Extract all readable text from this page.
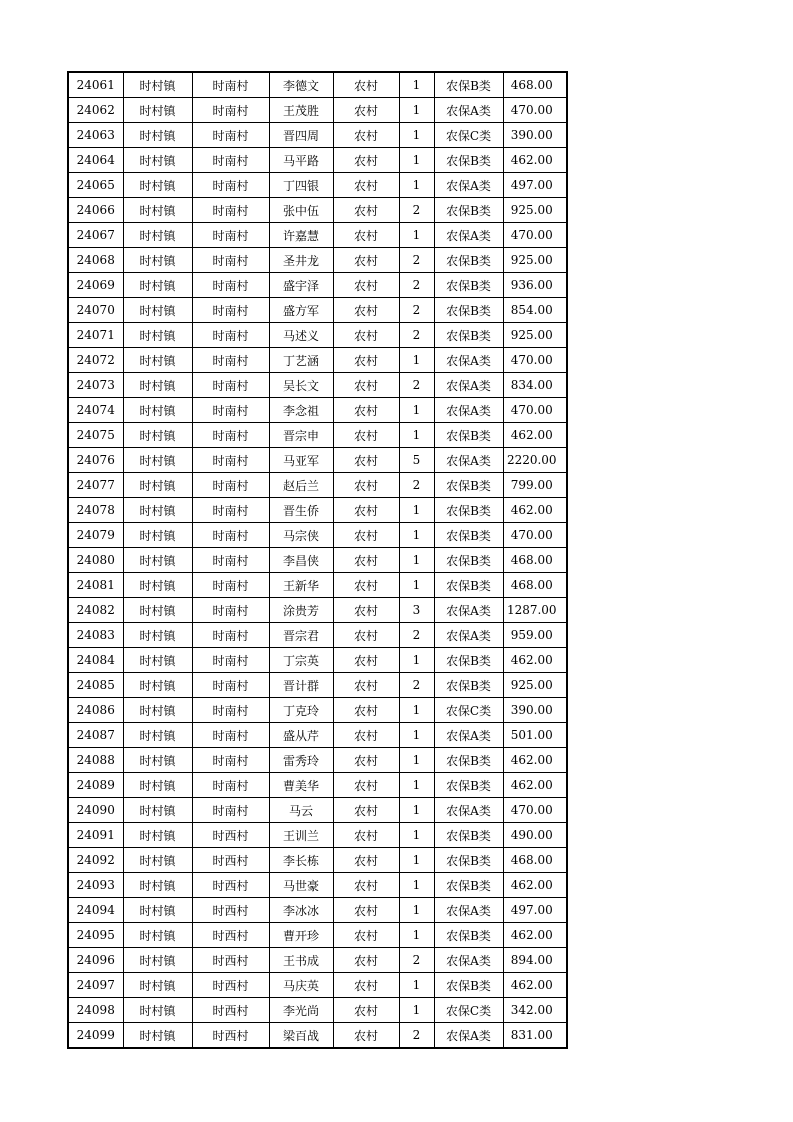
24061	时村镇	时南村	李德文	农村	1	农保B类	468.00
24062	时村镇	时南村	王茂胜	农村	1	农保A类	470.00
24063	时村镇	时南村	晋四周	农村	1	农保C类	390.00
24064	时村镇	时南村	马平路	农村	1	农保B类	462.00
24065	时村镇	时南村	丁四银	农村	1	农保A类	497.00
24066	时村镇	时南村	张中伍	农村	2	农保B类	925.00
24067	时村镇	时南村	许嘉慧	农村	1	农保A类	470.00
24068	时村镇	时南村	圣井龙	农村	2	农保B类	925.00
24069	时村镇	时南村	盛宇泽	农村	2	农保B类	936.00
24070	时村镇	时南村	盛方军	农村	2	农保B类	854.00
24071	时村镇	时南村	马述义	农村	2	农保B类	925.00
24072	时村镇	时南村	丁艺涵	农村	1	农保A类	470.00
24073	时村镇	时南村	吴长文	农村	2	农保A类	834.00
24074	时村镇	时南村	李念祖	农村	1	农保A类	470.00
24075	时村镇	时南村	晋宗申	农村	1	农保B类	462.00
24076	时村镇	时南村	马亚军	农村	5	农保A类	2220.00
24077	时村镇	时南村	赵后兰	农村	2	农保B类	799.00
24078	时村镇	时南村	晋生侨	农村	1	农保B类	462.00
24079	时村镇	时南村	马宗侠	农村	1	农保B类	470.00
24080	时村镇	时南村	李昌侠	农村	1	农保B类	468.00
24081	时村镇	时南村	王新华	农村	1	农保B类	468.00
24082	时村镇	时南村	涂贵芳	农村	3	农保A类	1287.00
24083	时村镇	时南村	晋宗君	农村	2	农保A类	959.00
24084	时村镇	时南村	丁宗英	农村	1	农保B类	462.00
24085	时村镇	时南村	晋计群	农村	2	农保B类	925.00
24086	时村镇	时南村	丁克玲	农村	1	农保C类	390.00
24087	时村镇	时南村	盛从芹	农村	1	农保A类	501.00
24088	时村镇	时南村	雷秀玲	农村	1	农保B类	462.00
24089	时村镇	时南村	曹美华	农村	1	农保B类	462.00
24090	时村镇	时南村	马云	农村	1	农保A类	470.00
24091	时村镇	时西村	王训兰	农村	1	农保B类	490.00
24092	时村镇	时西村	李长栋	农村	1	农保B类	468.00
24093	时村镇	时西村	马世豪	农村	1	农保B类	462.00
24094	时村镇	时西村	李冰冰	农村	1	农保A类	497.00
24095	时村镇	时西村	曹开珍	农村	1	农保B类	462.00
24096	时村镇	时西村	王书成	农村	2	农保A类	894.00
24097	时村镇	时西村	马庆英	农村	1	农保B类	462.00
24098	时村镇	时西村	李光尚	农村	1	农保C类	342.00
24099	时村镇	时西村	梁百战	农村	2	农保A类	831.00
